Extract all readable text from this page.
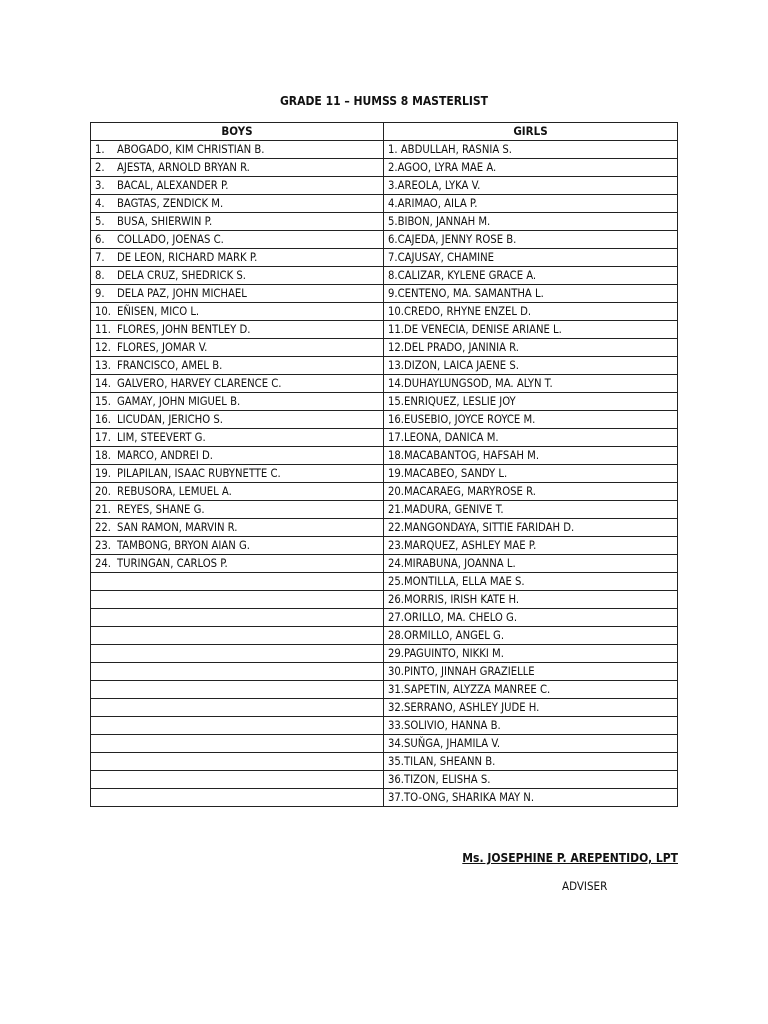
GRADE 11 – HUMSS 8 MASTERLIST
BOYS	GIRLS
1. ABOGADO, KIM CHRISTIAN B.	1. ABDULLAH, RASNIA S.
2. AJESTA, ARNOLD BRYAN R.	2.AGOO, LYRA MAE A.
3. BACAL, ALEXANDER P.	3.AREOLA, LYKA V.
4. BAGTAS, ZENDICK M.	4.ARIMAO, AILA P.
5. BUSA, SHIERWIN P.	5.BIBON, JANNAH M.
6. COLLADO, JOENAS C.	6.CAJEDA, JENNY ROSE B.
7. DE LEON, RICHARD MARK P.	7.CAJUSAY, CHAMINE
8. DELA CRUZ, SHEDRICK S.	8.CALIZAR, KYLENE GRACE A.
9. DELA PAZ, JOHN MICHAEL	9.CENTENO, MA. SAMANTHA L.
10. EÑISEN, MICO L.	10.CREDO, RHYNE ENZEL D.
11. FLORES, JOHN BENTLEY D.	11.DE VENECIA, DENISE ARIANE L.
12. FLORES, JOMAR V.	12.DEL PRADO, JANINIA R.
13. FRANCISCO, AMEL B.	13.DIZON, LAICA JAENE S.
14. GALVERO, HARVEY CLARENCE C.	14.DUHAYLUNGSOD, MA. ALYN T.
15. GAMAY, JOHN MIGUEL B.	15.ENRIQUEZ, LESLIE JOY
16. LICUDAN, JERICHO S.	16.EUSEBIO, JOYCE ROYCE M.
17. LIM, STEEVERT G.	17.LEONA, DANICA M.
18. MARCO, ANDREI D.	18.MACABANTOG, HAFSAH M.
19. PILAPILAN, ISAAC RUBYNETTE C.	19.MACABEO, SANDY L.
20. REBUSORA, LEMUEL A.	20.MACARAEG, MARYROSE R.
21. REYES, SHANE G.	21.MADURA, GENIVE T.
22. SAN RAMON, MARVIN R.	22.MANGONDAYA, SITTIE FARIDAH D.
23. TAMBONG, BRYON AIAN G.	23.MARQUEZ, ASHLEY MAE P.
24. TURINGAN, CARLOS P.	24.MIRABUNA, JOANNA L.
	25.MONTILLA, ELLA MAE S.
	26.MORRIS, IRISH KATE H.
	27.ORILLO, MA. CHELO G.
	28.ORMILLO, ANGEL G.
	29.PAGUINTO, NIKKI M.
	30.PINTO, JINNAH GRAZIELLE
	31.SAPETIN, ALYZZA MANREE C.
	32.SERRANO, ASHLEY JUDE H.
	33.SOLIVIO, HANNA B.
	34.SUŇGA, JHAMILA V.
	35.TILAN, SHEANN B.
	36.TIZON, ELISHA S.
	37.TO-ONG, SHARIKA MAY N.
Ms. JOSEPHINE P. AREPENTIDO, LPT
ADVISER
